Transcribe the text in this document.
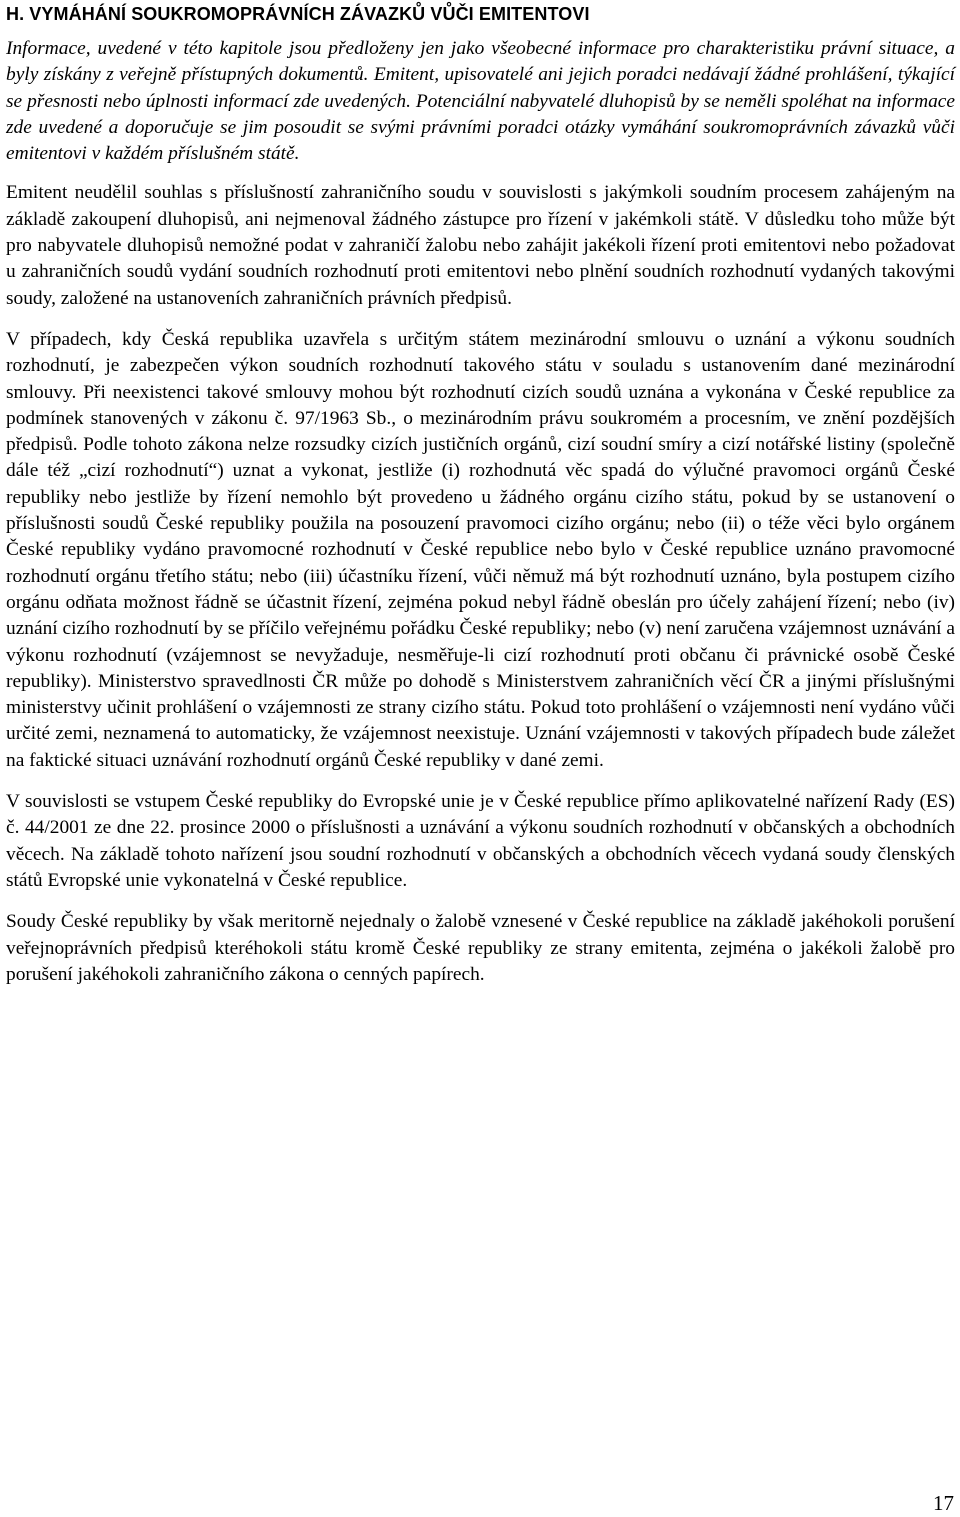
H. VYMÁHÁNÍ SOUKROMOPRÁVNÍCH ZÁVAZKŮ VŮČI EMITENTOVI

Informace, uvedené v této kapitole jsou předloženy jen jako všeobecné informace pro charakteristiku právní situace, a byly získány z veřejně přístupných dokumentů. Emitent, upisovatelé ani jejich poradci nedávají žádné prohlášení, týkající se přesnosti nebo úplnosti informací zde uvedených. Potenciální nabyvatelé dluhopisů by se neměli spoléhat na informace zde uvedené a doporučuje se jim posoudit se svými právními poradci otázky vymáhání soukromoprávních závazků vůči emitentovi v každém příslušném státě.

Emitent neudělil souhlas s příslušností zahraničního soudu v souvislosti s jakýmkoli soudním procesem zahájeným na základě zakoupení dluhopisů, ani nejmenoval žádného zástupce pro řízení v jakémkoli státě. V důsledku toho může být pro nabyvatele dluhopisů nemožné podat v zahraničí žalobu nebo zahájit jakékoli řízení proti emitentovi nebo požadovat u zahraničních soudů vydání soudních rozhodnutí proti emitentovi nebo plnění soudních rozhodnutí vydaných takovými soudy, založené na ustanoveních zahraničních právních předpisů.

V případech, kdy Česká republika uzavřela s určitým státem mezinárodní smlouvu o uznání a výkonu soudních rozhodnutí, je zabezpečen výkon soudních rozhodnutí takového státu v souladu s ustanovením dané mezinárodní smlouvy. Při neexistenci takové smlouvy mohou být rozhodnutí cizích soudů uznána a vykonána v České republice za podmínek stanovených v zákonu č. 97/1963 Sb., o mezinárodním právu soukromém a procesním, ve znění pozdějších předpisů. Podle tohoto zákona nelze rozsudky cizích justičních orgánů, cizí soudní smíry a cizí notářské listiny (společně dále též „cizí rozhodnutí“) uznat a vykonat, jestliže (i) rozhodnutá věc spadá do výlučné pravomoci orgánů České republiky nebo jestliže by řízení nemohlo být provedeno u žádného orgánu cizího státu, pokud by se ustanovení o příslušnosti soudů České republiky použila na posouzení pravomoci cizího orgánu; nebo (ii) o téže věci bylo orgánem České republiky vydáno pravomocné rozhodnutí v České republice nebo bylo v České republice uznáno pravomocné rozhodnutí orgánu třetího státu; nebo (iii) účastníku řízení, vůči němuž má být rozhodnutí uznáno, byla postupem cizího orgánu odňata možnost řádně se účastnit řízení, zejména pokud nebyl řádně obeslán pro účely zahájení řízení; nebo (iv) uznání cizího rozhodnutí by se příčilo veřejnému pořádku České republiky; nebo (v) není zaručena vzájemnost uznávání a výkonu rozhodnutí (vzájemnost se nevyžaduje, nesměřuje-li cizí rozhodnutí proti občanu či právnické osobě České republiky). Ministerstvo spravedlnosti ČR může po dohodě s Ministerstvem zahraničních věcí ČR a jinými příslušnými ministerstvy učinit prohlášení o vzájemnosti ze strany cizího státu. Pokud toto prohlášení o vzájemnosti není vydáno vůči určité zemi, neznamená to automaticky, že vzájemnost neexistuje. Uznání vzájemnosti v takových případech bude záležet na faktické situaci uznávání rozhodnutí orgánů České republiky v dané zemi.

V souvislosti se vstupem České republiky do Evropské unie je v České republice přímo aplikovatelné nařízení Rady (ES) č. 44/2001 ze dne 22. prosince 2000 o příslušnosti a uznávání a výkonu soudních rozhodnutí v občanských a obchodních věcech. Na základě tohoto nařízení jsou soudní rozhodnutí v občanských a obchodních věcech vydaná soudy členských států Evropské unie vykonatelná v České republice.

Soudy České republiky by však meritorně nejednaly o žalobě vznesené v České republice na základě jakéhokoli porušení veřejnoprávních předpisů kteréhokoli státu kromě České republiky ze strany emitenta, zejména o jakékoli žalobě pro porušení jakéhokoli zahraničního zákona o cenných papírech.

17
